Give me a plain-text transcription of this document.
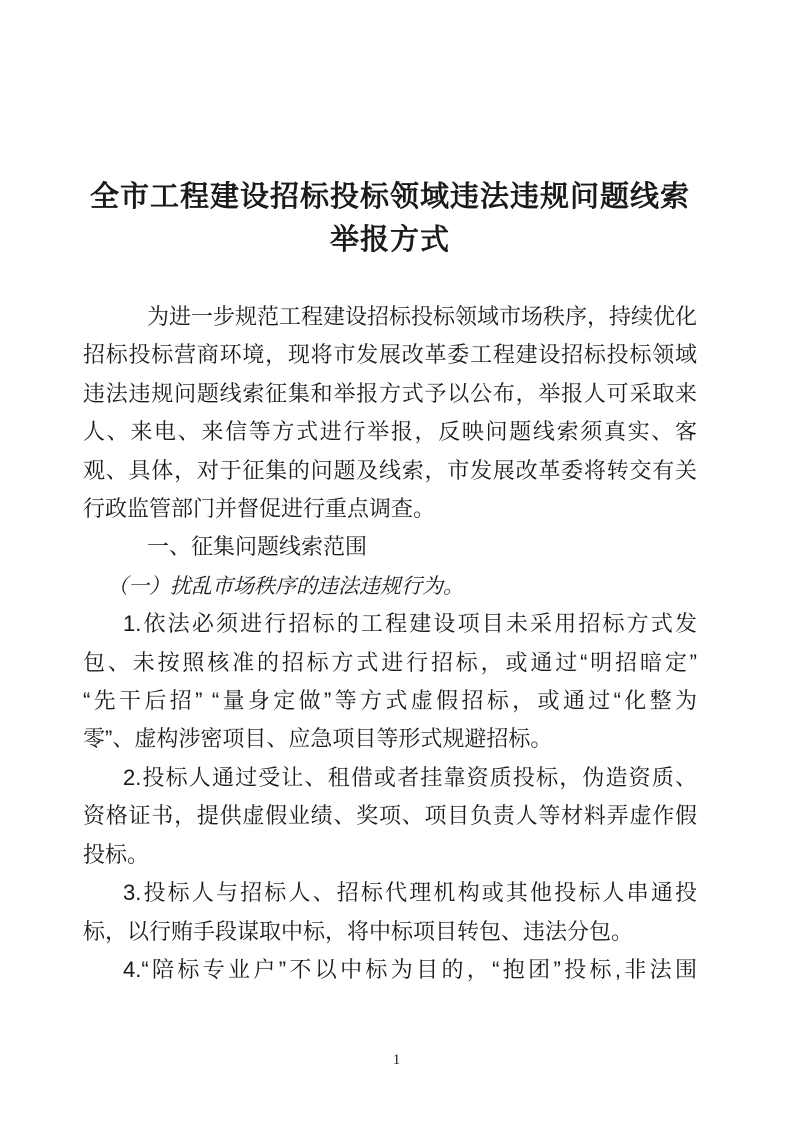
全市工程建设招标投标领域违法违规问题线索
举报方式
为进一步规范工程建设招标投标领域市场秩序，持续优化
招标投标营商环境，现将市发展改革委工程建设招标投标领域
违法违规问题线索征集和举报方式予以公布，举报人可采取来
人、来电、来信等方式进行举报，反映问题线索须真实、客
观、具体，对于征集的问题及线索，市发展改革委将转交有关
行政监管部门并督促进行重点调查。
一、征集问题线索范围
（一）扰乱市场秩序的违法违规行为。
1.依法必须进行招标的工程建设项目未采用招标方式发
包、未按照核准的招标方式进行招标，或通过“明招暗定”
“先干后招” “量身定做”等方式虚假招标，或通过“化整为
零”、虚构涉密项目、应急项目等形式规避招标。
2.投标人通过受让、租借或者挂靠资质投标，伪造资质、
资格证书，提供虚假业绩、奖项、项目负责人等材料弄虚作假
投标。
3.投标人与招标人、招标代理机构或其他投标人串通投
标，以行贿手段谋取中标，将中标项目转包、违法分包。
4.“陪标专业户”不以中标为目的，“抱团”投标,非法围
1
